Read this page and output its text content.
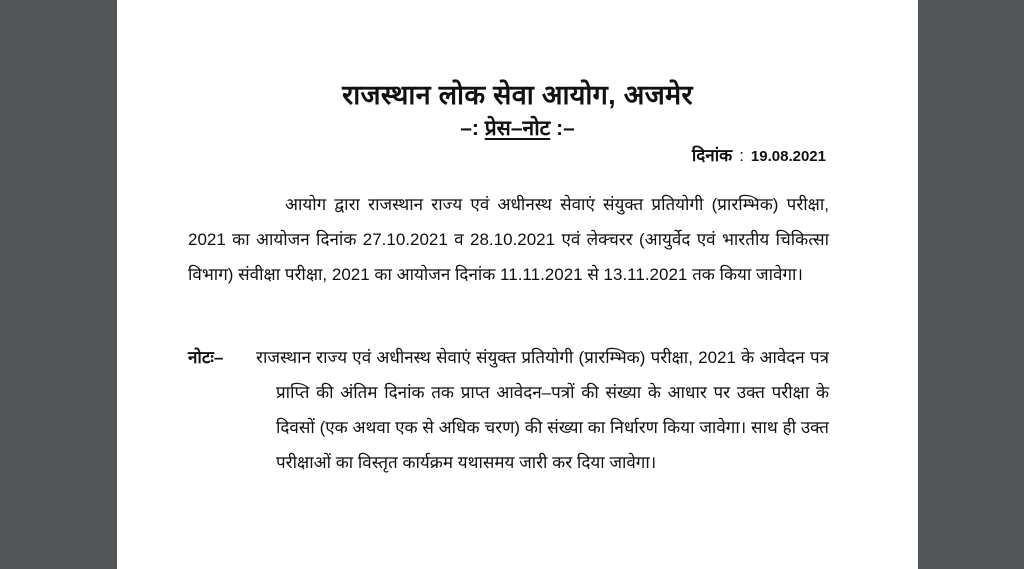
राजस्थान लोक सेवा आयोग, अजमेर
–: प्रेस–नोट :–
दिनांक : 19.08.2021

आयोग द्वारा राजस्थान राज्य एवं अधीनस्थ सेवाएं संयुक्त प्रतियोगी (प्रारम्भिक) परीक्षा, 2021 का आयोजन दिनांक 27.10.2021 व 28.10.2021 एवं लेक्चरर (आयुर्वेद एवं भारतीय चिकित्सा विभाग) संवीक्षा परीक्षा, 2021 का आयोजन दिनांक 11.11.2021 से 13.11.2021 तक किया जावेगा।

नोटः– राजस्थान राज्य एवं अधीनस्थ सेवाएं संयुक्त प्रतियोगी (प्रारम्भिक) परीक्षा, 2021 के आवेदन पत्र प्राप्ति की अंतिम दिनांक तक प्राप्त आवेदन–पत्रों की संख्या के आधार पर उक्त परीक्षा के दिवसों (एक अथवा एक से अधिक चरण) की संख्या का निर्धारण किया जावेगा। साथ ही उक्त परीक्षाओं का विस्तृत कार्यक्रम यथासमय जारी कर दिया जावेगा।
